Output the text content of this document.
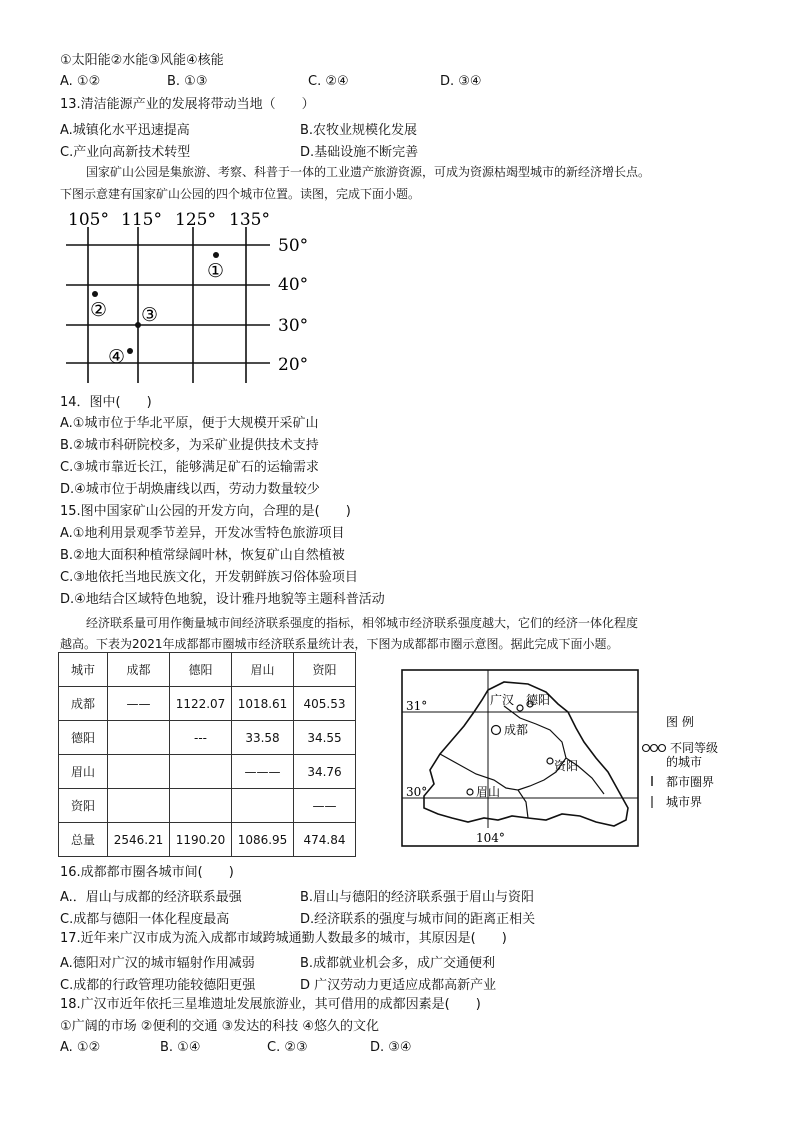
①太阳能②水能③风能④核能
A. ①②	B. ①③	C. ②④	D. ③④
13.清洁能源产业的发展将带动当地（　　）
A.城镇化水平迅速提高	B.农牧业规模化发展
C.产业向高新技术转型	D.基础设施不断完善
国家矿山公园是集旅游、考察、科普于一体的工业遗产旅游资源，可成为资源枯竭型城市的新经济增长点。
下图示意建有国家矿山公园的四个城市位置。读图，完成下面小题。
105° 115° 125° 135°
50°
40°
30°
20°
①
② ③
④
14．图中(　　)
A.①城市位于华北平原，便于大规模开采矿山
B.②城市科研院校多，为采矿业提供技术支持
C.③城市靠近长江，能够满足矿石的运输需求
D.④城市位于胡焕庸线以西，劳动力数量较少
15.图中国家矿山公园的开发方向，合理的是(　　)
A.①地利用景观季节差异，开发冰雪特色旅游项目
B.②地大面积种植常绿阔叶林，恢复矿山自然植被
C.③地依托当地民族文化，开发朝鲜族习俗体验项目
D.④地结合区域特色地貌，设计雅丹地貌等主题科普活动
经济联系量可用作衡量城市间经济联系强度的指标，相邻城市经济联系强度越大，它们的经济一体化程度
越高。下表为2021年成都都市圈城市经济联系量统计表，下图为成都都市圈示意图。据此完成下面小题。
城市	成都	德阳	眉山	资阳
成都	——	1122.07	1018.61	405.53
德阳		---	33.58	34.55
眉山			———	34.76
资阳				——
总量	2546.21	1190.20	1086.95	474.84
31°
30°
104°
广汉 德阳
成都
资阳
眉山
图 例
不同等级
的城市
都市圈界
城市界
16.成都都市圈各城市间(　　)
A.．眉山与成都的经济联系最强	B.眉山与德阳的经济联系强于眉山与资阳
C.成都与德阳一体化程度最高	D.经济联系的强度与城市间的距离正相关
17.近年来广汉市成为流入成都市域跨城通勤人数最多的城市，其原因是(　　)
A.德阳对广汉的城市辐射作用减弱	B.成都就业机会多，成广交通便利
C.成都的行政管理功能较德阳更强	D 广汉劳动力更适应成都高新产业
18.广汉市近年依托三星堆遗址发展旅游业，其可借用的成都因素是(　　)
①广阔的市场 ②便利的交通 ③发达的科技 ④悠久的文化
A. ①②	B. ①④	C. ②③	D. ③④
